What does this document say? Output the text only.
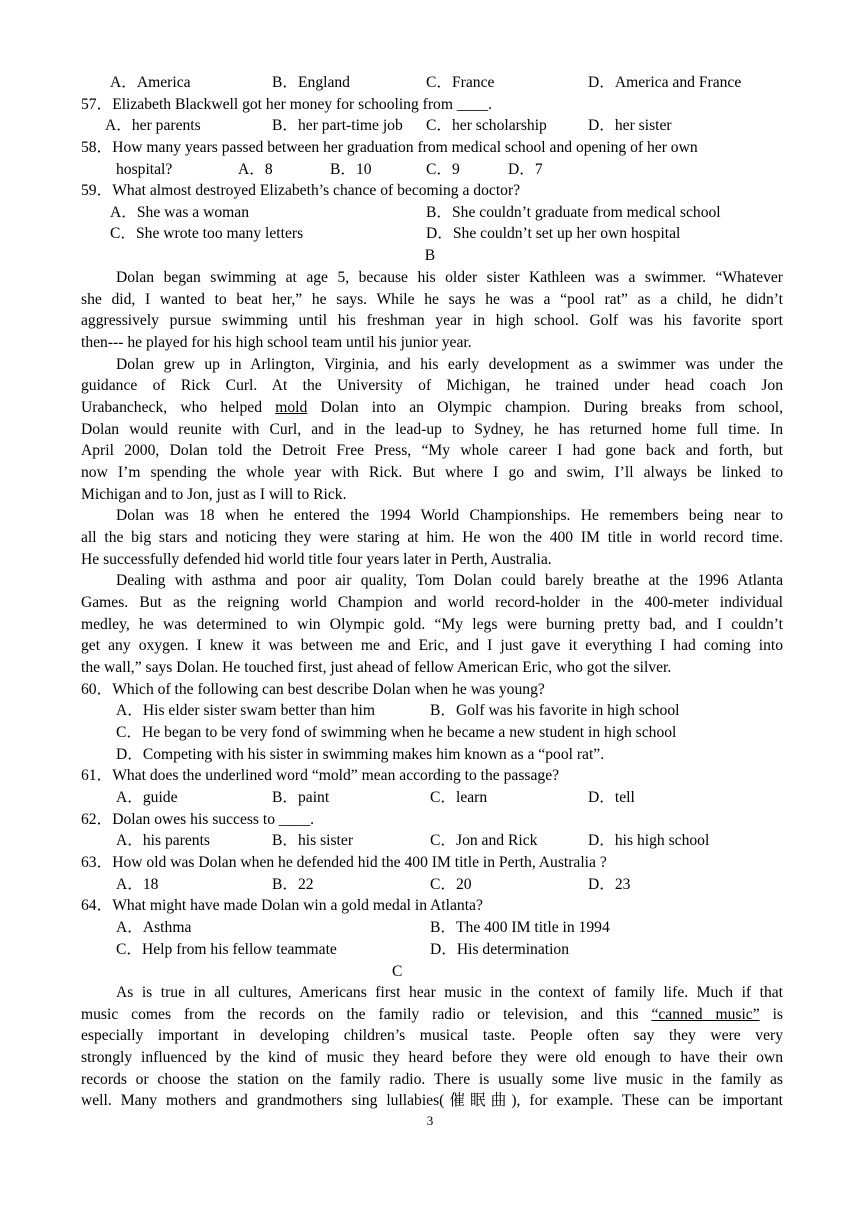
A．America	B．England	C．France	D．America and France
57．Elizabeth Blackwell got her money for schooling from ____.
A．her parents	B．her part-time job C．her scholarship	D．her sister
58．How many years passed between her graduation from medical school and opening of her own
hospital?	A．8	B．10	C．9	D．7
59．What almost destroyed Elizabeth’s chance of becoming a doctor?
A．She was a woman	B．She couldn’t graduate from medical school
C．She wrote too many letters	D．She couldn’t set up her own hospital
B
Dolan began swimming at age 5, because his older sister Kathleen was a swimmer. “Whatever
she did, I wanted to beat her,” he says. While he says he was a “pool rat” as a child, he didn’t
aggressively pursue swimming until his freshman year in high school. Golf was his favorite sport
then--- he played for his high school team until his junior year.
Dolan grew up in Arlington, Virginia, and his early development as a swimmer was under the
guidance of Rick Curl. At the University of Michigan, he trained under head coach Jon
Urabancheck, who helped mold Dolan into an Olympic champion. During breaks from school,
Dolan would reunite with Curl, and in the lead-up to Sydney, he has returned home full time. In
April 2000, Dolan told the Detroit Free Press, “My whole career I had gone back and forth, but
now I’m spending the whole year with Rick. But where I go and swim, I’ll always be linked to
Michigan and to Jon, just as I will to Rick.
Dolan was 18 when he entered the 1994 World Championships. He remembers being near to
all the big stars and noticing they were staring at him. He won the 400 IM title in world record time.
He successfully defended hid world title four years later in Perth, Australia.
Dealing with asthma and poor air quality, Tom Dolan could barely breathe at the 1996 Atlanta
Games. But as the reigning world Champion and world record-holder in the 400-meter individual
medley, he was determined to win Olympic gold. “My legs were burning pretty bad, and I couldn’t
get any oxygen. I knew it was between me and Eric, and I just gave it everything I had coming into
the wall,” says Dolan. He touched first, just ahead of fellow American Eric, who got the silver.
60．Which of the following can best describe Dolan when he was young?
A．His elder sister swam better than him	B．Golf was his favorite in high school
C．He began to be very fond of swimming when he became a new student in high school
D．Competing with his sister in swimming makes him known as a “pool rat”.
61．What does the underlined word “mold” mean according to the passage?
A．guide	B．paint	C．learn	D．tell
62．Dolan owes his success to ____.
A．his parents	B．his sister	C．Jon and Rick	D．his high school
63．How old was Dolan when he defended hid the 400 IM title in Perth, Australia ?
A．18	B．22	C．20	D．23
64．What might have made Dolan win a gold medal in Atlanta?
A．Asthma	B．The 400 IM title in 1994
C．Help from his fellow teammate	D．His determination
C
As is true in all cultures, Americans first hear music in the context of family life. Much if that
music comes from the records on the family radio or television, and this “canned music” is
especially important in developing children’s musical taste. People often say they were very
strongly influenced by the kind of music they heard before they were old enough to have their own
records or choose the station on the family radio. There is usually some live music in the family as
well. Many mothers and grandmothers sing lullabies(催眠曲), for example. These can be important
3
